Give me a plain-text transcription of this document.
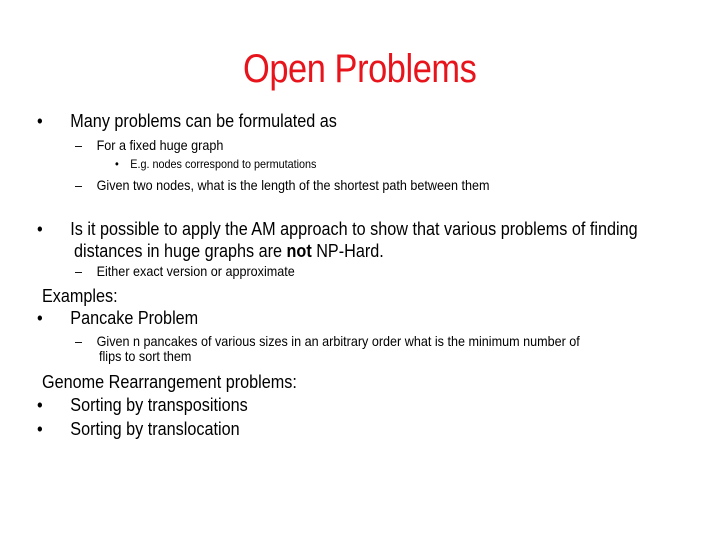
Open Problems
• Many problems can be formulated as
– For a fixed huge graph
• E.g. nodes correspond to permutations
– Given two nodes, what is the length of the shortest path between them
• Is it possible to apply the AM approach to show that various problems of finding
distances in huge graphs are not NP-Hard.
– Either exact version or approximate
Examples:
• Pancake Problem
– Given n pancakes of various sizes in an arbitrary order what is the minimum number of
flips to sort them
Genome Rearrangement problems:
• Sorting by transpositions
• Sorting by translocation
